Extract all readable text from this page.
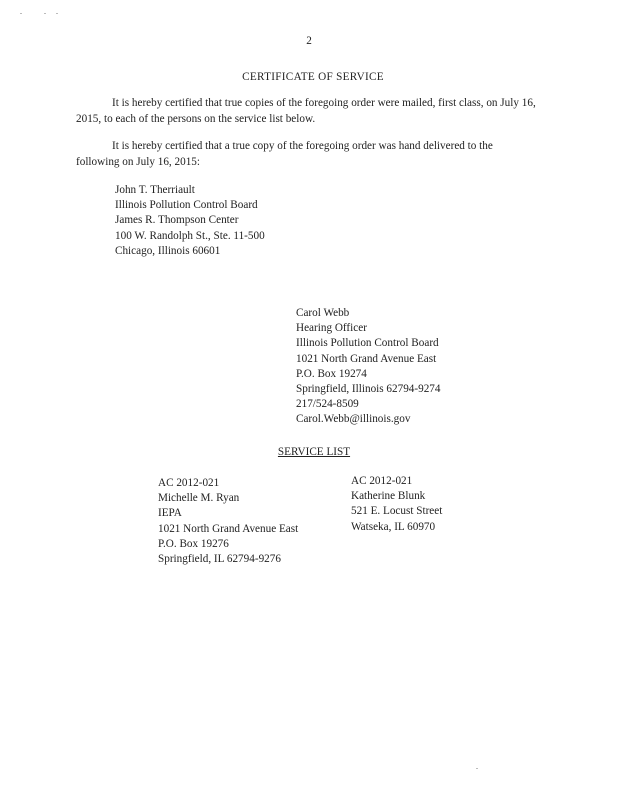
2
CERTIFICATE OF SERVICE
It is hereby certified that true copies of the foregoing order were mailed, first class, on July 16, 2015, to each of the persons on the service list below.
It is hereby certified that a true copy of the foregoing order was hand delivered to the following on July 16, 2015:
John T. Therriault
Illinois Pollution Control Board
James R. Thompson Center
100 W. Randolph St., Ste. 11-500
Chicago, Illinois 60601
Carol Webb
Hearing Officer
Illinois Pollution Control Board
1021 North Grand Avenue East
P.O. Box 19274
Springfield, Illinois 62794-9274
217/524-8509
Carol.Webb@illinois.gov
SERVICE LIST
AC 2012-021
Michelle M. Ryan
IEPA
1021 North Grand Avenue East
P.O. Box 19276
Springfield, IL 62794-9276
AC 2012-021
Katherine Blunk
521 E. Locust Street
Watseka, IL 60970
